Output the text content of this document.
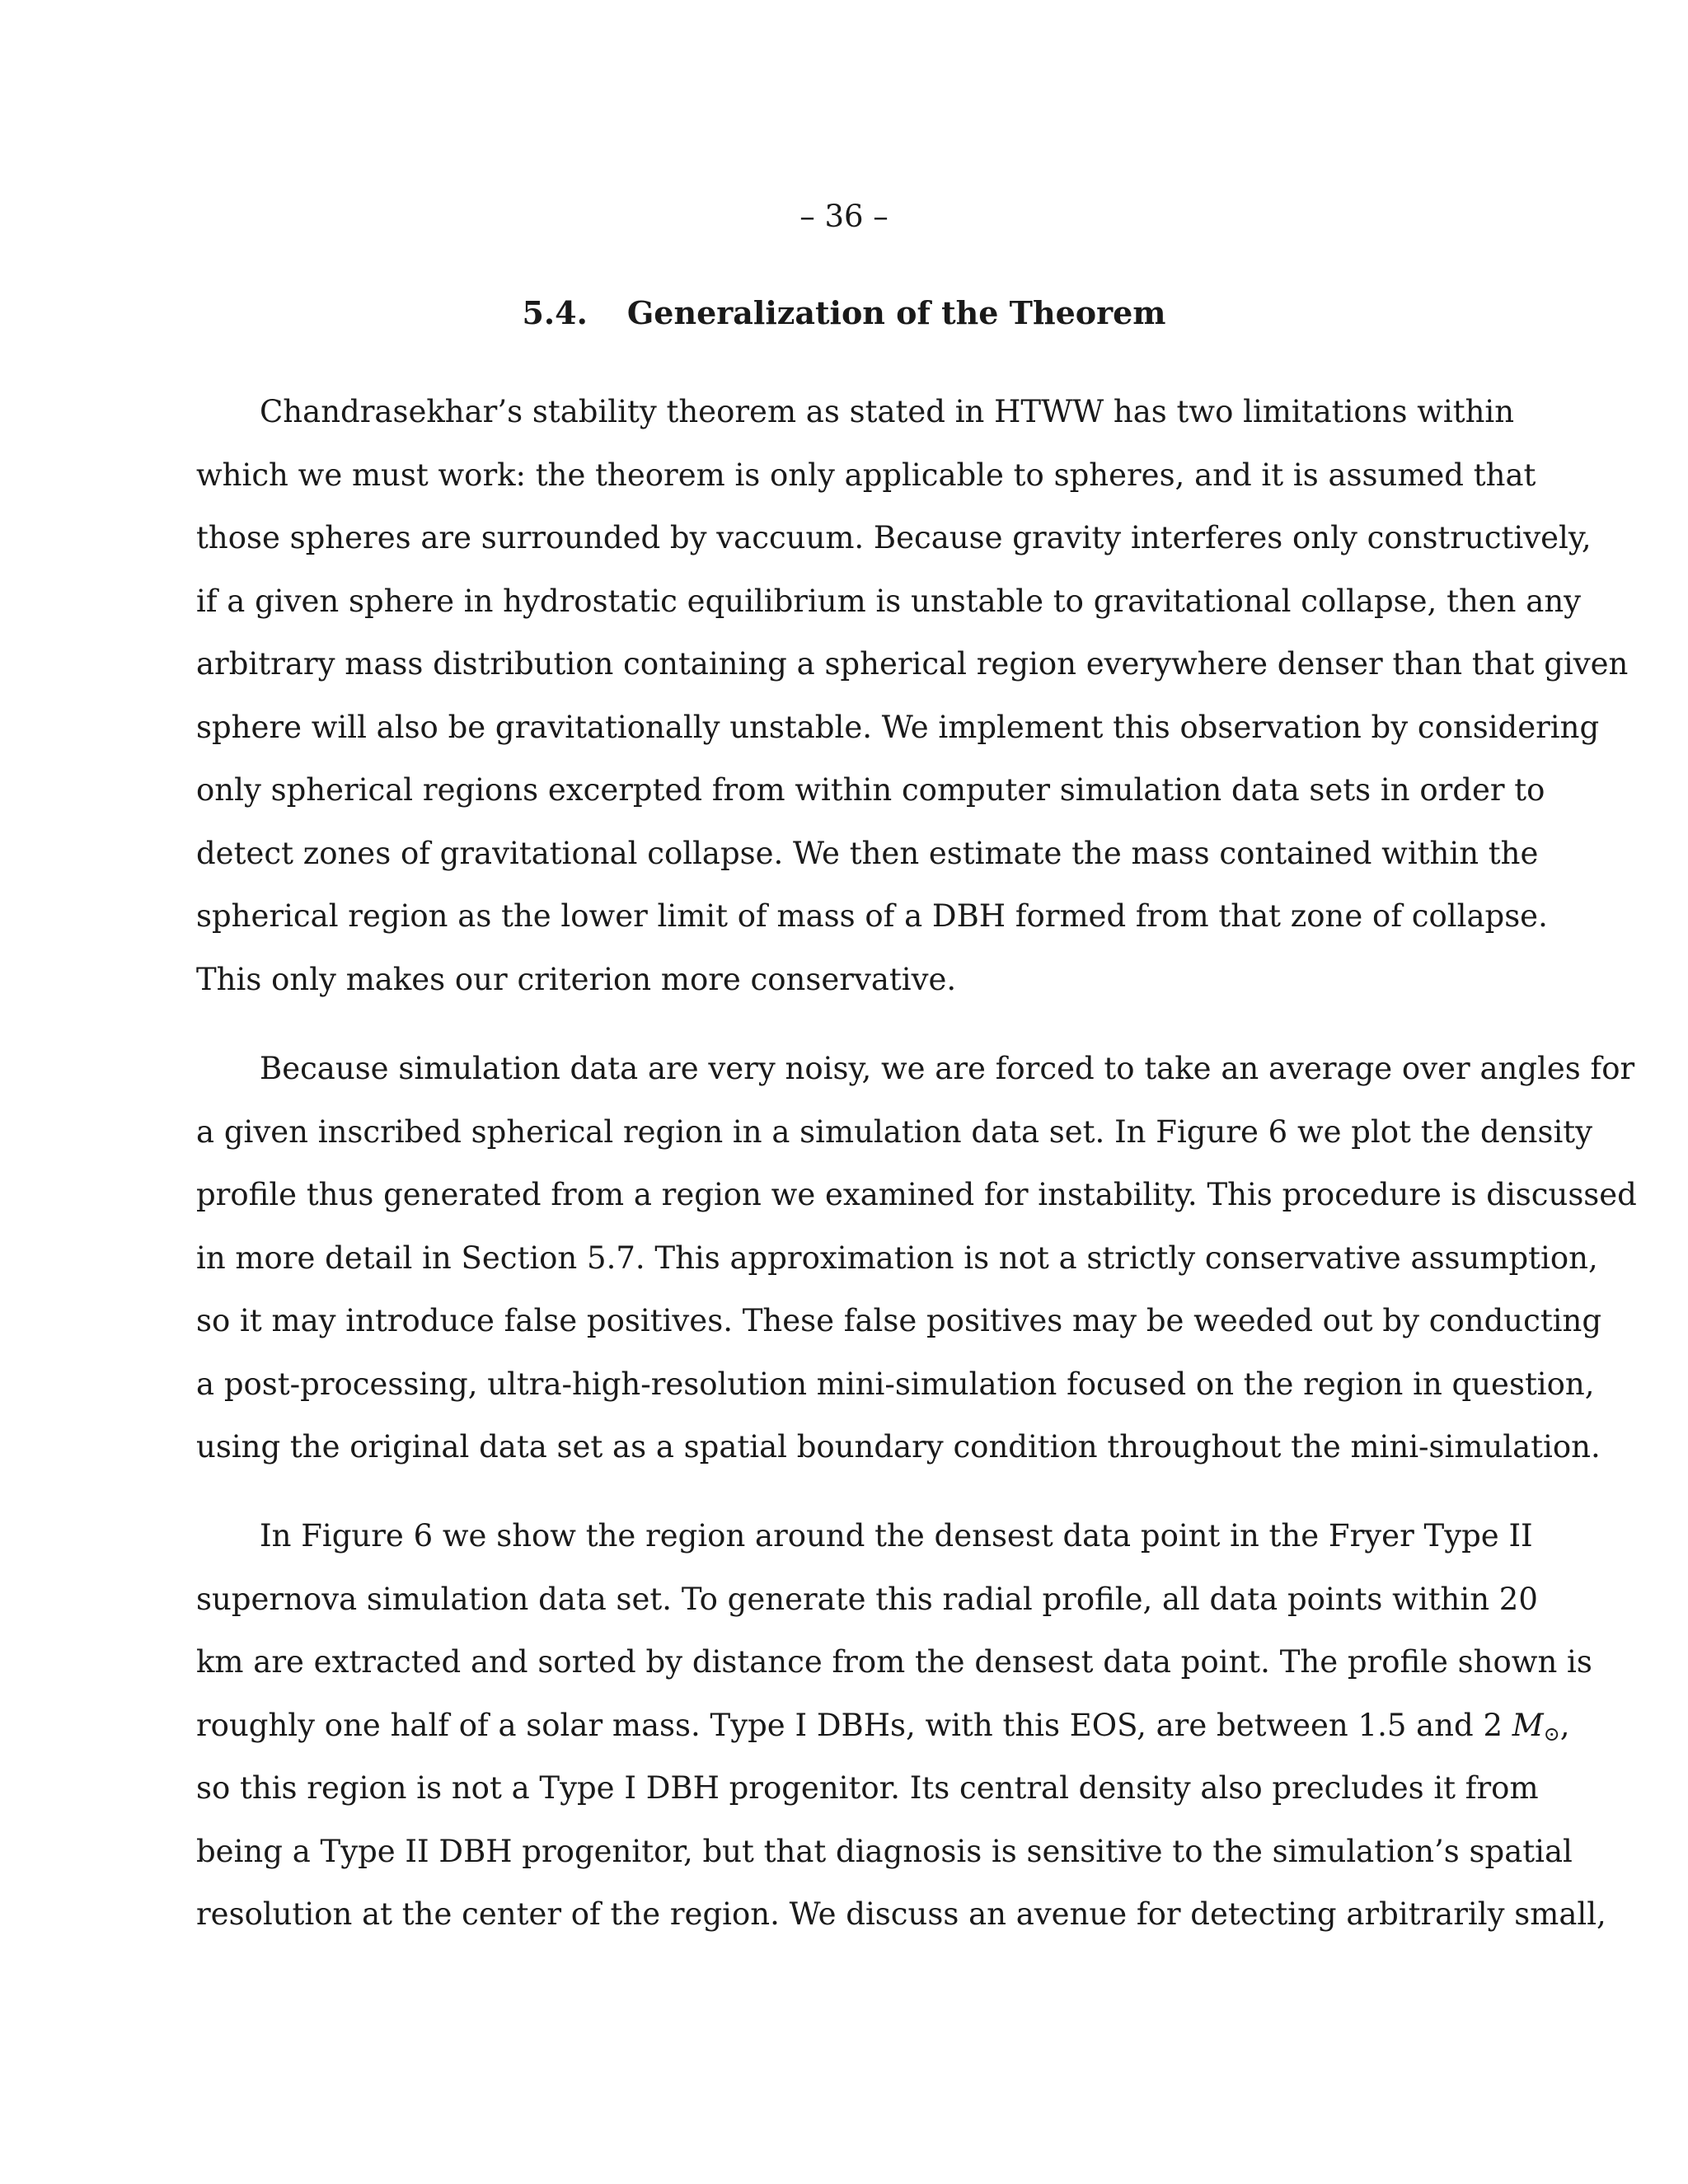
– 36 –
5.4. Generalization of the Theorem
Chandrasekhar’s stability theorem as stated in HTWW has two limitations within
which we must work: the theorem is only applicable to spheres, and it is assumed that
those spheres are surrounded by vaccuum. Because gravity interferes only constructively,
if a given sphere in hydrostatic equilibrium is unstable to gravitational collapse, then any
arbitrary mass distribution containing a spherical region everywhere denser than that given
sphere will also be gravitationally unstable. We implement this observation by considering
only spherical regions excerpted from within computer simulation data sets in order to
detect zones of gravitational collapse. We then estimate the mass contained within the
spherical region as the lower limit of mass of a DBH formed from that zone of collapse.
This only makes our criterion more conservative.
Because simulation data are very noisy, we are forced to take an average over angles for
a given inscribed spherical region in a simulation data set. In Figure 6 we plot the density
profile thus generated from a region we examined for instability. This procedure is discussed
in more detail in Section 5.7. This approximation is not a strictly conservative assumption,
so it may introduce false positives. These false positives may be weeded out by conducting
a post-processing, ultra-high-resolution mini-simulation focused on the region in question,
using the original data set as a spatial boundary condition throughout the mini-simulation.
In Figure 6 we show the region around the densest data point in the Fryer Type II
supernova simulation data set. To generate this radial profile, all data points within 20
km are extracted and sorted by distance from the densest data point. The profile shown is
roughly one half of a solar mass. Type I DBHs, with this EOS, are between 1.5 and 2 $M_⊙$,
so this region is not a Type I DBH progenitor. Its central density also precludes it from
being a Type II DBH progenitor, but that diagnosis is sensitive to the simulation’s spatial
resolution at the center of the region. We discuss an avenue for detecting arbitrarily small,
